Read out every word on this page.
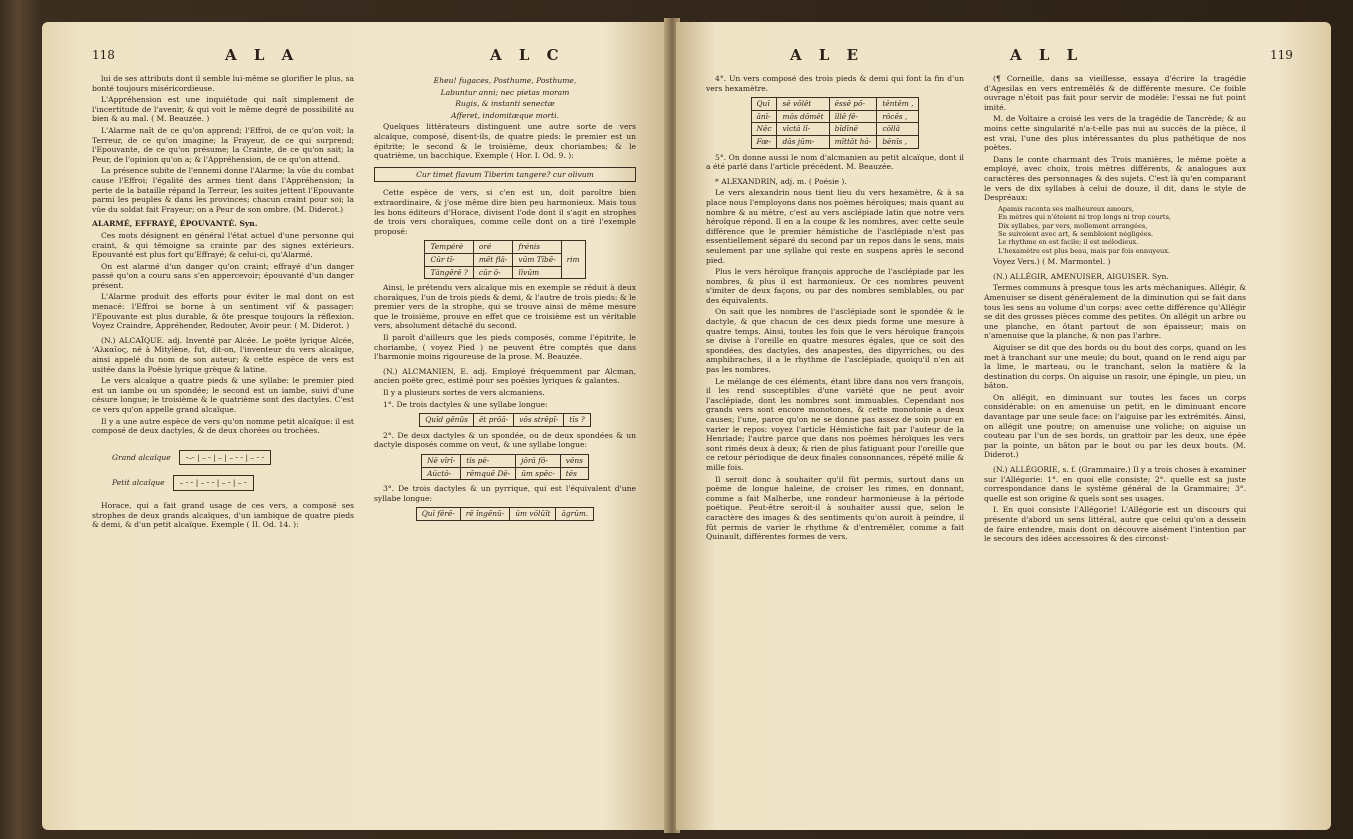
118	A L A	A L C

lui de ses attributs dont il semble lui-même se glorifier le plus, sa bonté toujours miséricordieuse.

L'Appréhension est une inquiétude qui naît simplement de l'incertitude de l'avenir, & qui voit le même degré de possibilité au bien & au mal. ( M. Beauzée. )

L'Alarme naît de ce qu'on apprend; l'Effroi, de ce qu'on voit; la Terreur, de ce qu'on imagine; la Frayeur, de ce qui surprend; l'Epouvante, de ce qu'on présume; la Crainte, de ce qu'on sait; la Peur, de l'opinion qu'on a; & l'Appréhension, de ce qu'on attend.

La présence subite de l'ennemi donne l'Alarme; la vûe du combat cause l'Effroi; l'égalité des armes tient dans l'Appréhension; la perte de la bataille répand la Terreur, les suites jettent l'Epouvante parmi les peuples & dans les provinces; chacun craint pour soi; la vûe du soldat fait Frayeur; on a Peur de son ombre. (M. Diderot.)

ALARMÉ, EFFRAYÉ, ÉPOUVANTÉ. Syn.

Ces mots désignent en général l'état actuel d'une personne qui craint, & qui témoigne sa crainte par des signes extérieurs. Epouvanté est plus fort qu'Effrayé; & celui-ci, qu'Alarmé.

On est alarmé d'un danger qu'on craint; effrayé d'un danger passé qu'on a couru sans s'en appercevoir; épouvanté d'un danger présent.

L'Alarme produit des efforts pour éviter le mal dont on est menacé: l'Effroi se borne à un sentiment vif & passager: l'Epouvante est plus durable, & ôte presque toujours la réflexion. Voyez Craindre, Appréhender, Redouter, Avoir peur. ( M. Diderot. )

(N.) ALCAÏQUE. adj. Inventé par Alcée. Le poëte lyrique Alcée, 'Αλκαῖος, né à Mitylène, fut, dit-on, l'inventeur du vers alcaïque, ainsi appelé du nom de son auteur; & cette espèce de vers est usitée dans la Poësie lyrique grèque & latine.

Le vers alcaïque a quatre pieds & une syllabe: le premier pied est un iambe ou un spondée; le second est un iambe, suivi d'une césure longue; le troisième & le quatrième sont des dactyles. C'est ce vers qu'on appelle grand alcaïque.

Il y a une autre espèce de vers qu'on nomme petit alcaïque: il est composé de deux dactyles, & de deux chorées ou trochées.

Grand alcaïque	⏑–⏑ | – ⏑ | – | – ⏑ ⏑ | – ⏑ ⏑
Petit alcaïque	– ⏑ ⏑ | – ⏑ ⏑ | – ⏑ | – ⏑

Horace, qui a fait grand usage de ces vers, a composé ses strophes de deux grands alcaïques, d'un iambique de quatre pieds & demi, & d'un petit alcaïque. Exemple ( II. Od. 14. ):

Eheu! fugaces, Posthume, Posthume,
Labuntur anni; nec pietas moram
Rugis, & instanti senectæ
Afferet, indomitæque morti.

Quelques littérateurs distinguent une autre sorte de vers alcaïque, composé, disent-ils, de quatre pieds: le premier est un épitrite; le second & le troisième, deux choriambes; & le quatrième, un bacchique. Exemple ( Hor. I. Od. 9. ):

Cur timet flavum Tiberim tangere? cur olivum

Cette espèce de vers, si c'en est un, doit paroître bien extraordinaire, & j'ose même dire bien peu harmonieux. Mais tous les bons éditeurs d'Horace, divisent l'ode dont il s'agit en strophes de trois vers choraïques, comme celle dont on a tiré l'exemple proposé:

Tempérè	oré	frénis	rim
Cūr tĭ-	mĕt flā-	vūm Tĭbĕ-	
Tāngĕrĕ ?	cūr ŏ-	līvūm	

Ainsi, le prétendu vers alcaïque mis en exemple se réduit à deux choraïques, l'un de trois pieds & demi, & l'autre de trois pieds: & le premier vers de la strophe, qui se trouve ainsi de même mesure que le troisième, prouve en effet que ce troisième est un véritable vers, absolument détaché du second.

Il paroît d'ailleurs que les pieds composés, comme l'épitrite, le choriambe, ( voyez Pied ) ne peuvent être comptés que dans l'harmonie moins rigoureuse de la prose. M. Beauzée.

(N.) ALCMANIEN, E. adj. Employé fréquemment par Alcman, ancien poëte grec, estimé pour ses poésies lyriques & galantes.

Il y a plusieurs sortes de vers alcmaniens.

1°. De trois dactyles & une syllabe longue:

Quīd gĕnŭs	ēt prŏā-	vōs strĕpĭ-	tīs ?

2°. De deux dactyles & un spondée, ou de deux spondées & un dactyle disposés comme on veut, & une syllabe longue:

Nē vĭrĭ-	tīs pē-	jōrā fŏ-	vēns
Aūctō-	rĕmquĕ Dē-	ūm spĕc-	tēs

3°. De trois dactyles & un pyrrique, qui est l'équivalent d'une syllabe longue:

Quī fĕrĕ-	rĕ ĭngĕnŭ-	ūm vōlŭĭt	āgrūm.
A L E	A L L	119

4°. Un vers composé des trois pieds & demi qui font la fin d'un vers hexamètre.

Quī	sē vōlēt	ēssĕ pŏ-	tēntēm ,
ānī-	mōs dōmēt	īllĕ fĕ-	rōcēs ,
Nēc	vīctā lĭ-	bīdĭnĕ	cōllā
Fœ-	dās jūm-	mĭttāt hă-	bēnīs ,

5°. On donne aussi le nom d'alcmanien au petit alcaïque, dont il a été parlé dans l'article précédent. M. Beauzée.

* ALEXANDRIN, adj. m. ( Poésie ).

Le vers alexandrin nous tient lieu du vers hexamètre, & à sa place nous l'employons dans nos poèmes héroïques; mais quant au nombre & au mètre, c'est au vers asclépiade latin que notre vers héroïque répond. Il en a la coupe & les nombres, avec cette seule différence que le premier hémistiche de l'asclépiade n'est pas essentiellement séparé du second par un repos dans le sens, mais seulement par une syllabe qui reste en suspens après le second pied.

Plus le vers héroïque françois approche de l'asclépiade par les nombres, & plus il est harmonieux. Or ces nombres peuvent s'imiter de deux façons, ou par des nombres semblables, ou par des équivalents.

On sait que les nombres de l'asclépiade sont le spondée & le dactyle, & que chacun de ces deux pieds forme une mesure à quatre temps. Ainsi, toutes les fois que le vers héroïque françois se divise à l'oreille en quatre mesures égales, que ce soit des spondées, des dactyles, des anapestes, des dipyrriches, ou des amphibraches, il a le rhythme de l'asclépiade, quoiqu'il n'en ait pas les nombres.

Le mélange de ces éléments, étant libre dans nos vers françois, il les rend susceptibles d'une variété que ne peut avoir l'asclépiade, dont les nombres sont immuables. Cependant nos grands vers sont encore monotones, & cette monotonie a deux causes; l'une, parce qu'on ne se donne pas assez de soin pour en varier le repos: voyez l'article Hémistiche fait par l'auteur de la Henriade; l'autre parce que dans nos poèmes héroïques les vers sont rimés deux à deux; & rien de plus fatiguant pour l'oreille que ce retour périodique de deux finales consonnances, répété mille & mille fois.

Il seroit donc à souhaiter qu'il fût permis, surtout dans un poème de longue haleine, de croiser les rimes, en donnant, comme a fait Malherbe, une rondeur harmonieuse à la période poétique. Peut-être seroit-il à souhaiter aussi que, selon le caractère des images & des sentiments qu'on auroit à peindre, il fût permis de varier le rhythme & d'entremêler, comme a fait Quinault, différentes formes de vers.

(¶ Corneille, dans sa vieillesse, essaya d'écrire la tragédie d'Agesilas en vers entremêlés & de différente mesure. Ce foible ouvrage n'étoit pas fait pour servir de modèle: l'essai ne fut point imité.

M. de Voltaire a croisé les vers de la tragédie de Tancrède; & au moins cette singularité n'a-t-elle pas nui au succès de la pièce, il est vrai, l'une des plus intéressantes du plus pathétique de nos poètes.

Dans le conte charmant des Trois manières, le même poète a employé, avec choix, trois mètres différents, & analogues aux caractères des personnages & des sujets. C'est là qu'en comparant le vers de dix syllabes à celui de douze, il dit, dans le style de Despréaux:

Apamis raconta ses malheureux amours,
En mètres qui n'étoient ni trop longs ni trop courts,
Dix syllabes, par vers, mollement arrangées,
Se suivoient avec art, & sembloient négligées.
Le rhythme en est facile; il est mélodieux.
L'hexamètre est plus beau, mais par fois ennuyeux.

Voyez Vers.) ( M. Marmontel. )

(N.) ALLÉGIR, AMENUISER, AIGUISER. Syn.

Termes communs à presque tous les arts méchaniques. Allégir, & Amenuiser se disent généralement de la diminution qui se fait dans tous les sens au volume d'un corps: avec cette différence qu'Allégir se dit des grosses pièces comme des petites. On allégit un arbre ou une planche, en ôtant partout de son épaisseur; mais on n'amenuise que la planche, & non pas l'arbre.

Aiguiser se dit que des bords ou du bout des corps, quand on les met à tranchant sur une meule; du bout, quand on le rend aigu par la lime, le marteau, ou le tranchant, selon la matière & la destination du corps. On aiguise un rasoir, une épingle, un pieu, un bâton.

On allégit, en diminuant sur toutes les faces un corps considérable: on en amenuise un petit, en le diminuant encore davantage par une seule face: on l'aiguise par les extrémités. Ainsi, on allégit une poutre; on amenuise une voliche; on aiguise un couteau par l'un de ses bords, un grattoir par les deux, une épée par la pointe, un bâton par le bout ou par les deux bouts. (M. Diderot.)

(N.) ALLÉGORIE, s. f. (Grammaire.) Il y a trois choses à examiner sur l'Allégorie: 1°. en quoi elle consiste; 2°. quelle est sa juste correspondance dans le système général de la Grammaire; 3°. quelle est son origine & quels sont ses usages.

I. En quoi consiste l'Allégorie! L'Allégorie est un discours qui présente d'abord un sens littéral, autre que celui qu'on a dessein de faire entendre, mais dont on découvre aisément l'intention par le secours des idées accessoires & des circonst-
